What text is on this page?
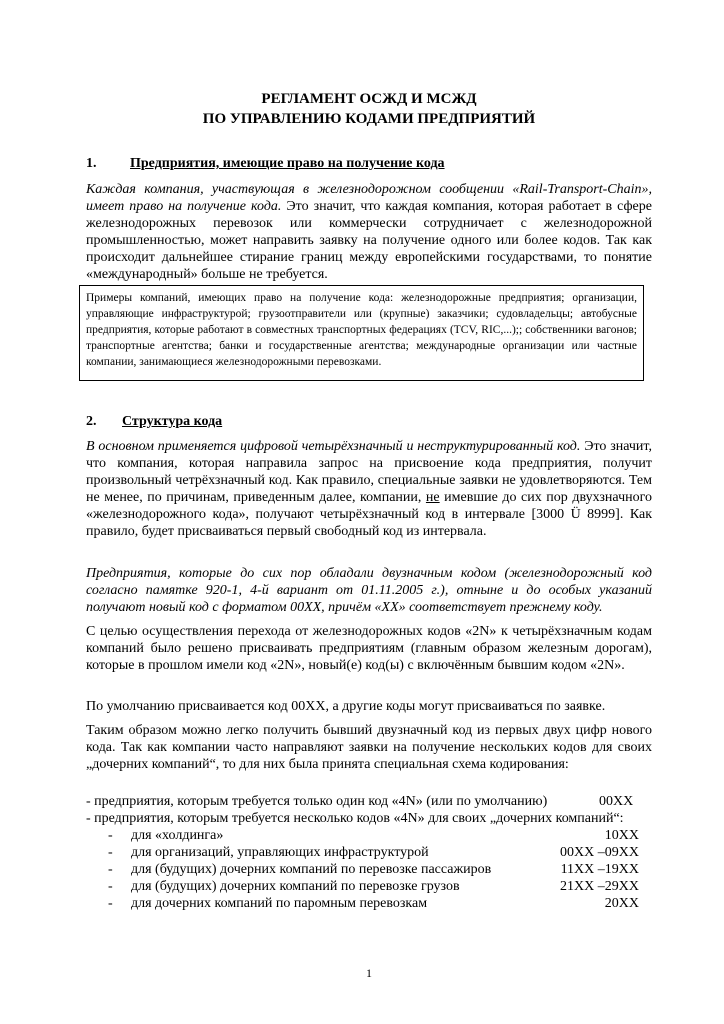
РЕГЛАМЕНТ ОСЖД И МСЖД
ПО УПРАВЛЕНИЮ КОДАМИ ПРЕДПРИЯТИЙ
1. Предприятия, имеющие право на получение кода
Каждая компания, участвующая в железнодорожном сообщении «Rail-Transport-Chain», имеет право на получение кода. Это значит, что каждая компания, которая работает в сфере железнодорожных перевозок или коммерчески сотрудничает с железнодорожной промышленностью, может направить заявку на получение одного или более кодов. Так как происходит дальнейшее стирание границ между европейскими государствами, то понятие «международный» больше не требуется.
Примеры компаний, имеющих право на получение кода: железнодорожные предприятия; организации, управляющие инфраструктурой; грузоотправители или (крупные) заказчики; судовладельцы; автобусные предприятия, которые работают в совместных транспортных федерациях (TCV, RIC,...);; собственники вагонов; транспортные агентства; банки и государственные агентства; международные организации или частные компании, занимающиеся железнодорожными перевозками.
2. Структура кода
В основном применяется цифровой четырёхзначный и неструктурированный код. Это значит, что компания, которая направила запрос на присвоение кода предприятия, получит произвольный четрёхзначный код. Как правило, специальные заявки не удовлетворяются. Тем не менее, по причинам, приведенным далее, компании, не имевшие до сих пор двухзначного «железнодорожного кода», получают четырёхзначный код в интервале [3000 Ü 8999]. Как правило, будет присваиваться первый свободный код из интервала.
Предприятия, которые до сих пор обладали двузначным кодом (железнодорожный код согласно памятке 920-1, 4-й вариант от 01.11.2005 г.), отныне и до особых указаний получают новый код с форматом 00XX, причём «XX» соответствует прежнему коду.
С целью осуществления перехода от железнодорожных кодов «2N» к четырёхзначным кодам компаний было решено присваивать предприятиям (главным образом железным дорогам), которые в прошлом имели код «2N», новый(е) код(ы) с включённым бывшим кодом «2N».
По умолчанию присваивается код 00XX, а другие коды могут присваиваться по заявке.
Таким образом можно легко получить бывший двузначный код из первых двух цифр нового кода. Так как компании часто направляют заявки на получение нескольких кодов для своих „дочерних компаний“, то для них была принята специальная схема кодирования:
- предприятия, которым требуется только один код «4N» (или по умолчанию)	00XX
- предприятия, которым требуется несколько кодов «4N» для своих „дочерних компаний“:
- для «холдинга»	10XX
- для организаций, управляющих инфраструктурой	00XX –09XX
- для (будущих) дочерних компаний по перевозке пассажиров	11XX –19XX
- для (будущих) дочерних компаний по перевозке грузов	21XX –29XX
- для дочерних компаний по паромным перевозкам	20XX
1
